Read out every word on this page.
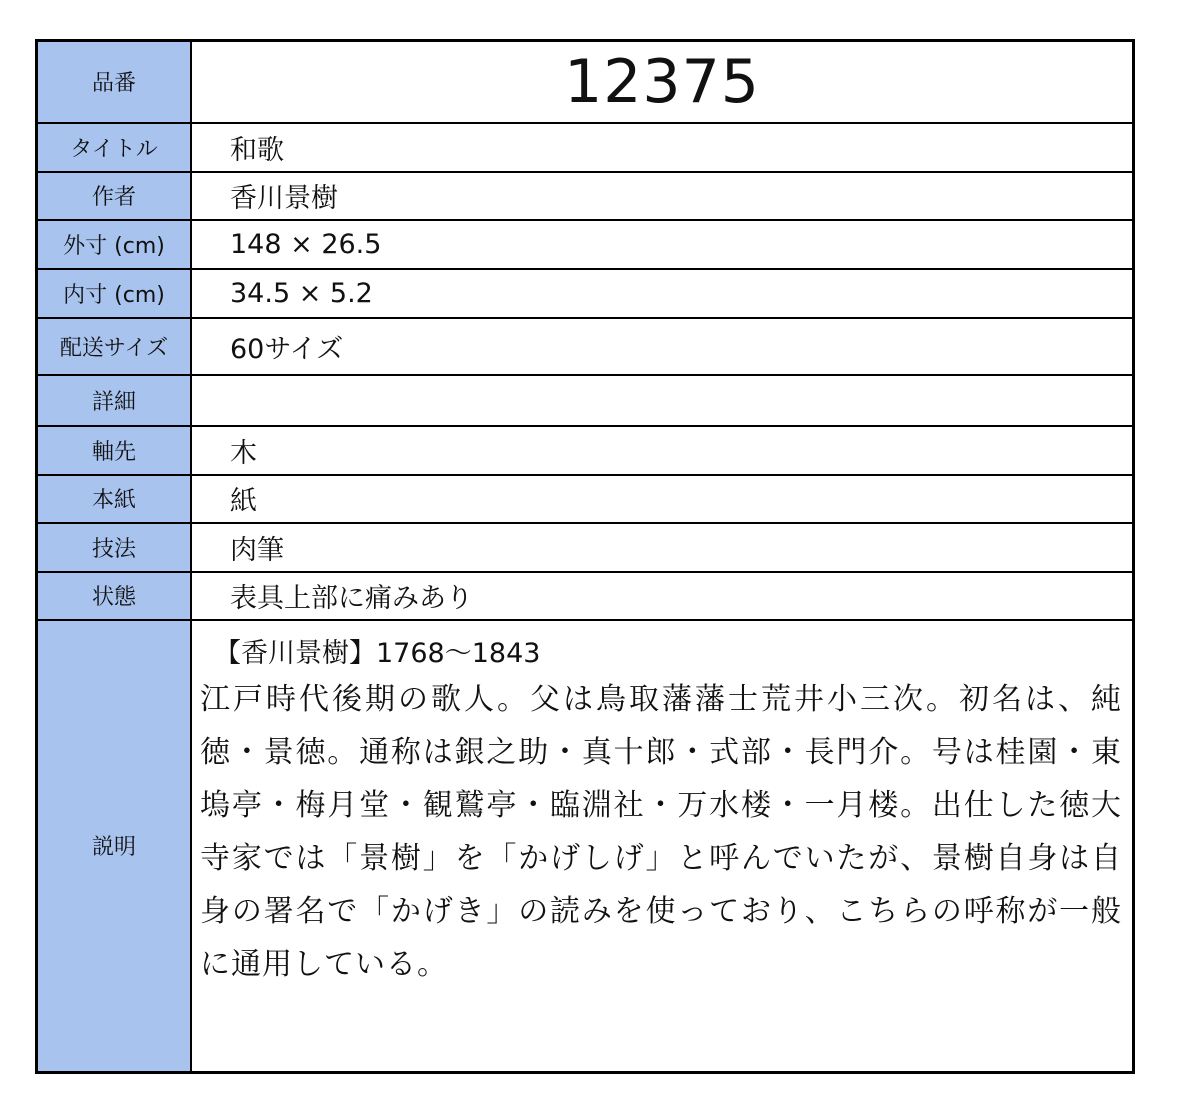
品番	12375
タイトル	和歌
作者	香川景樹
外寸 (cm)	148 × 26.5
内寸 (cm)	34.5 × 5.2
配送サイズ	60サイズ
詳細	
軸先	木
本紙	紙
技法	肉筆
状態	表具上部に痛みあり
説明	【香川景樹】1768〜1843
江戸時代後期の歌人。父は鳥取藩藩士荒井小三次。初名は、純徳・景徳。通称は銀之助・真十郎・式部・長門介。号は桂園・東塢亭・梅月堂・観鷲亭・臨淵社・万水楼・一月楼。出仕した徳大寺家では「景樹」を「かげしげ」と呼んでいたが、景樹自身は自身の署名で「かげき」の読みを使っており、こちらの呼称が一般に通用している。
